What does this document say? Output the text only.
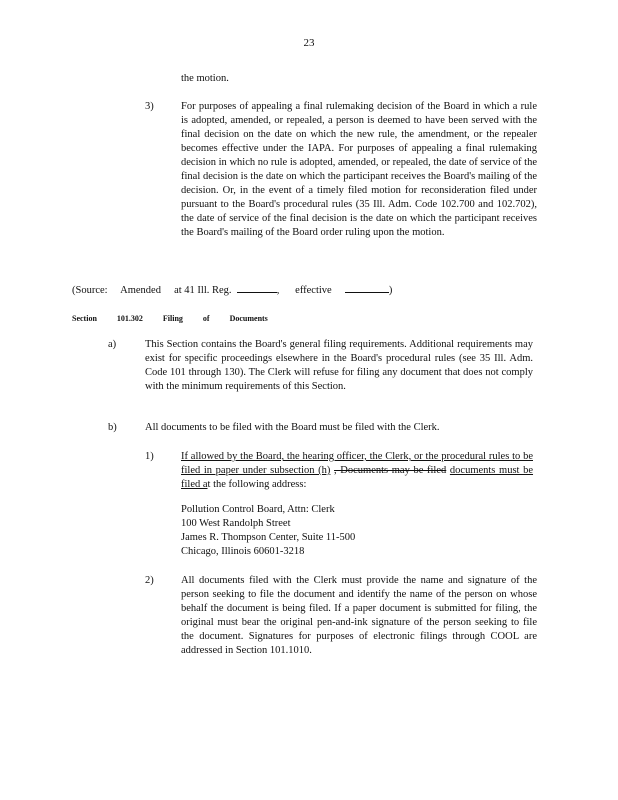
23
the motion.
3)	For purposes of appealing a final rulemaking decision of the Board in which a rule is adopted, amended, or repealed, a person is deemed to have been served with the final decision on the date on which the new rule, the amendment, or the repealer becomes effective under the IAPA. For purposes of appealing a final rulemaking decision in which no rule is adopted, amended, or repealed, the date of service of the final decision is the date on which the participant receives the Board's mailing of the decision. Or, in the event of a timely filed motion for reconsideration filed under pursuant to the Board's procedural rules (35 Ill. Adm. Code 102.700 and 102.702), the date of service of the final decision is the date on which the participant receives the Board's mailing of the Board order ruling upon the motion.
(Source: Amended at 41 Ill. Reg.	, effective	)
Section	101.302	Filing	of	Documents
a)	This Section contains the Board's general filing requirements. Additional requirements may exist for specific proceedings elsewhere in the Board's procedural rules (see 35 Ill. Adm. Code 101 through 130). The Clerk will refuse for filing any document that does not comply with the minimum requirements of this Section.
b)	All documents to be filed with the Board must be filed with the Clerk.
1)	If allowed by the Board, the hearing officer, the Clerk, or the procedural rules to be filed in paper under subsection (h) , Documents may be filed documents must be filed at the following address:
Pollution Control Board, Attn: Clerk
100 West Randolph Street
James R. Thompson Center, Suite 11-500
Chicago, Illinois 60601-3218
2)	All documents filed with the Clerk must provide the name and signature of the person seeking to file the document and identify the name of the person on whose behalf the document is being filed. If a paper document is submitted for filing, the original must bear the original pen-and-ink signature of the person seeking to file the document. Signatures for purposes of electronic filings through COOL are addressed in Section 101.1010.
